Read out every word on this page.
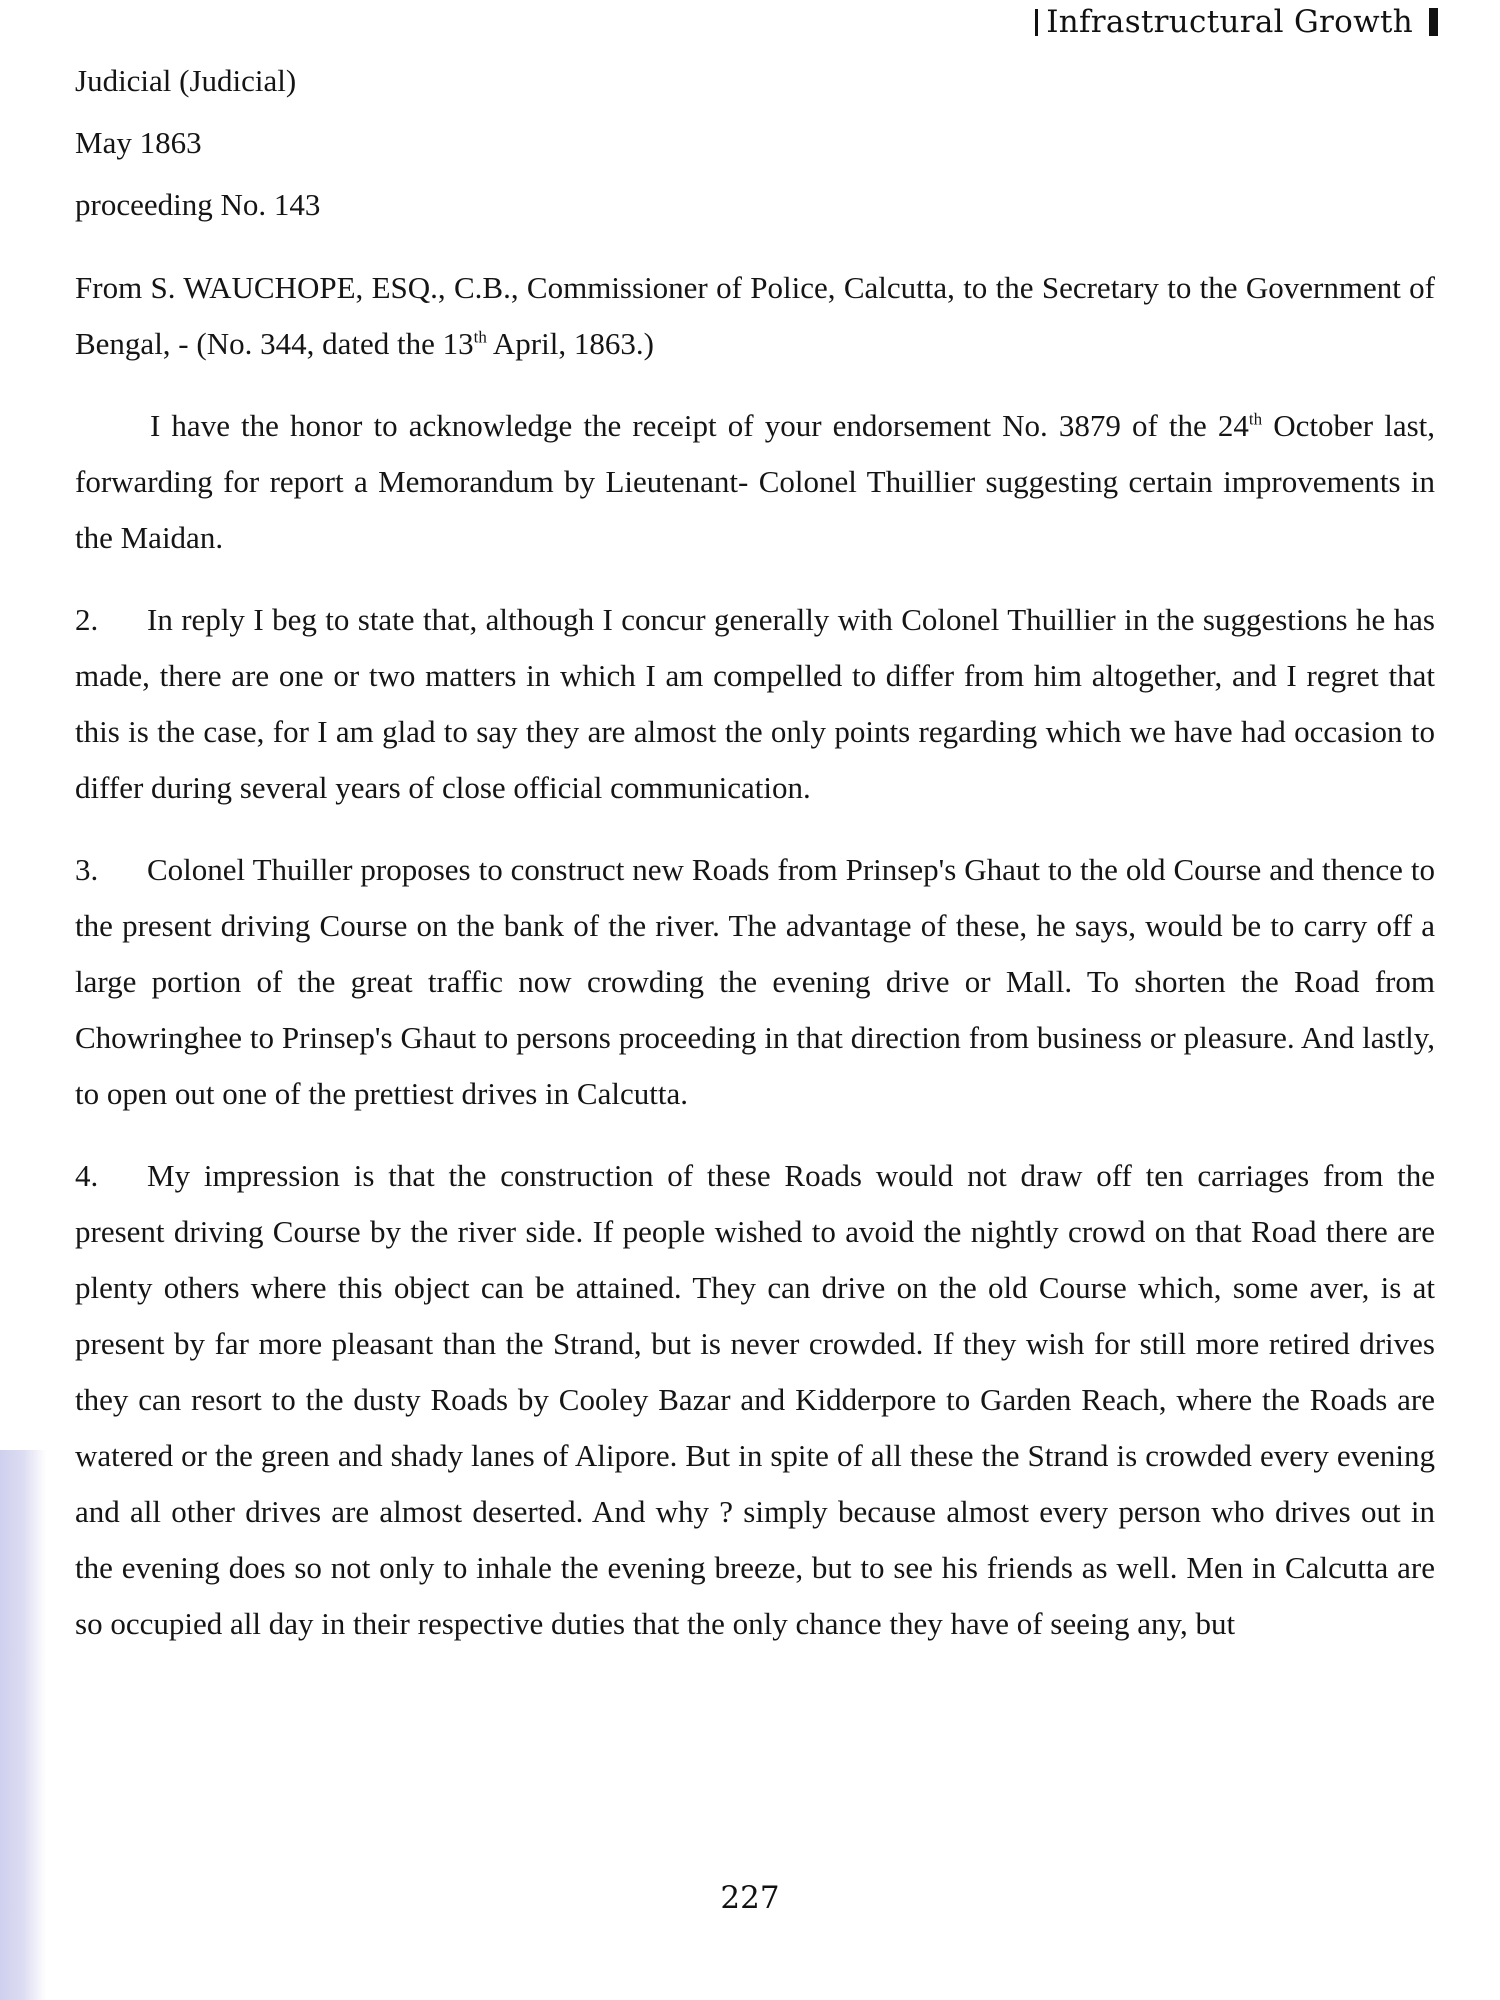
Infrastructural Growth

Judicial (Judicial)

May 1863

proceeding No. 143

From S. WAUCHOPE, ESQ., C.B., Commissioner of Police, Calcutta, to the Secretary to the Government of Bengal, - (No. 344, dated the 13th April, 1863.)

I have the honor to acknowledge the receipt of your endorsement No. 3879 of the 24th October last, forwarding for report a Memorandum by Lieutenant- Colonel Thuillier suggesting certain improvements in the Maidan.

2. In reply I beg to state that, although I concur generally with Colonel Thuillier in the suggestions he has made, there are one or two matters in which I am compelled to differ from him altogether, and I regret that this is the case, for I am glad to say they are almost the only points regarding which we have had occasion to differ during several years of close official communication.

3. Colonel Thuiller proposes to construct new Roads from Prinsep's Ghaut to the old Course and thence to the present driving Course on the bank of the river. The advantage of these, he says, would be to carry off a large portion of the great traffic now crowding the evening drive or Mall. To shorten the Road from Chowringhee to Prinsep's Ghaut to persons proceeding in that direction from business or pleasure. And lastly, to open out one of the prettiest drives in Calcutta.

4. My impression is that the construction of these Roads would not draw off ten carriages from the present driving Course by the river side. If people wished to avoid the nightly crowd on that Road there are plenty others where this object can be attained. They can drive on the old Course which, some aver, is at present by far more pleasant than the Strand, but is never crowded. If they wish for still more retired drives they can resort to the dusty Roads by Cooley Bazar and Kidderpore to Garden Reach, where the Roads are watered or the green and shady lanes of Alipore. But in spite of all these the Strand is crowded every evening and all other drives are almost deserted. And why ? simply because almost every person who drives out in the evening does so not only to inhale the evening breeze, but to see his friends as well. Men in Calcutta are so occupied all day in their respective duties that the only chance they have of seeing any, but

227
